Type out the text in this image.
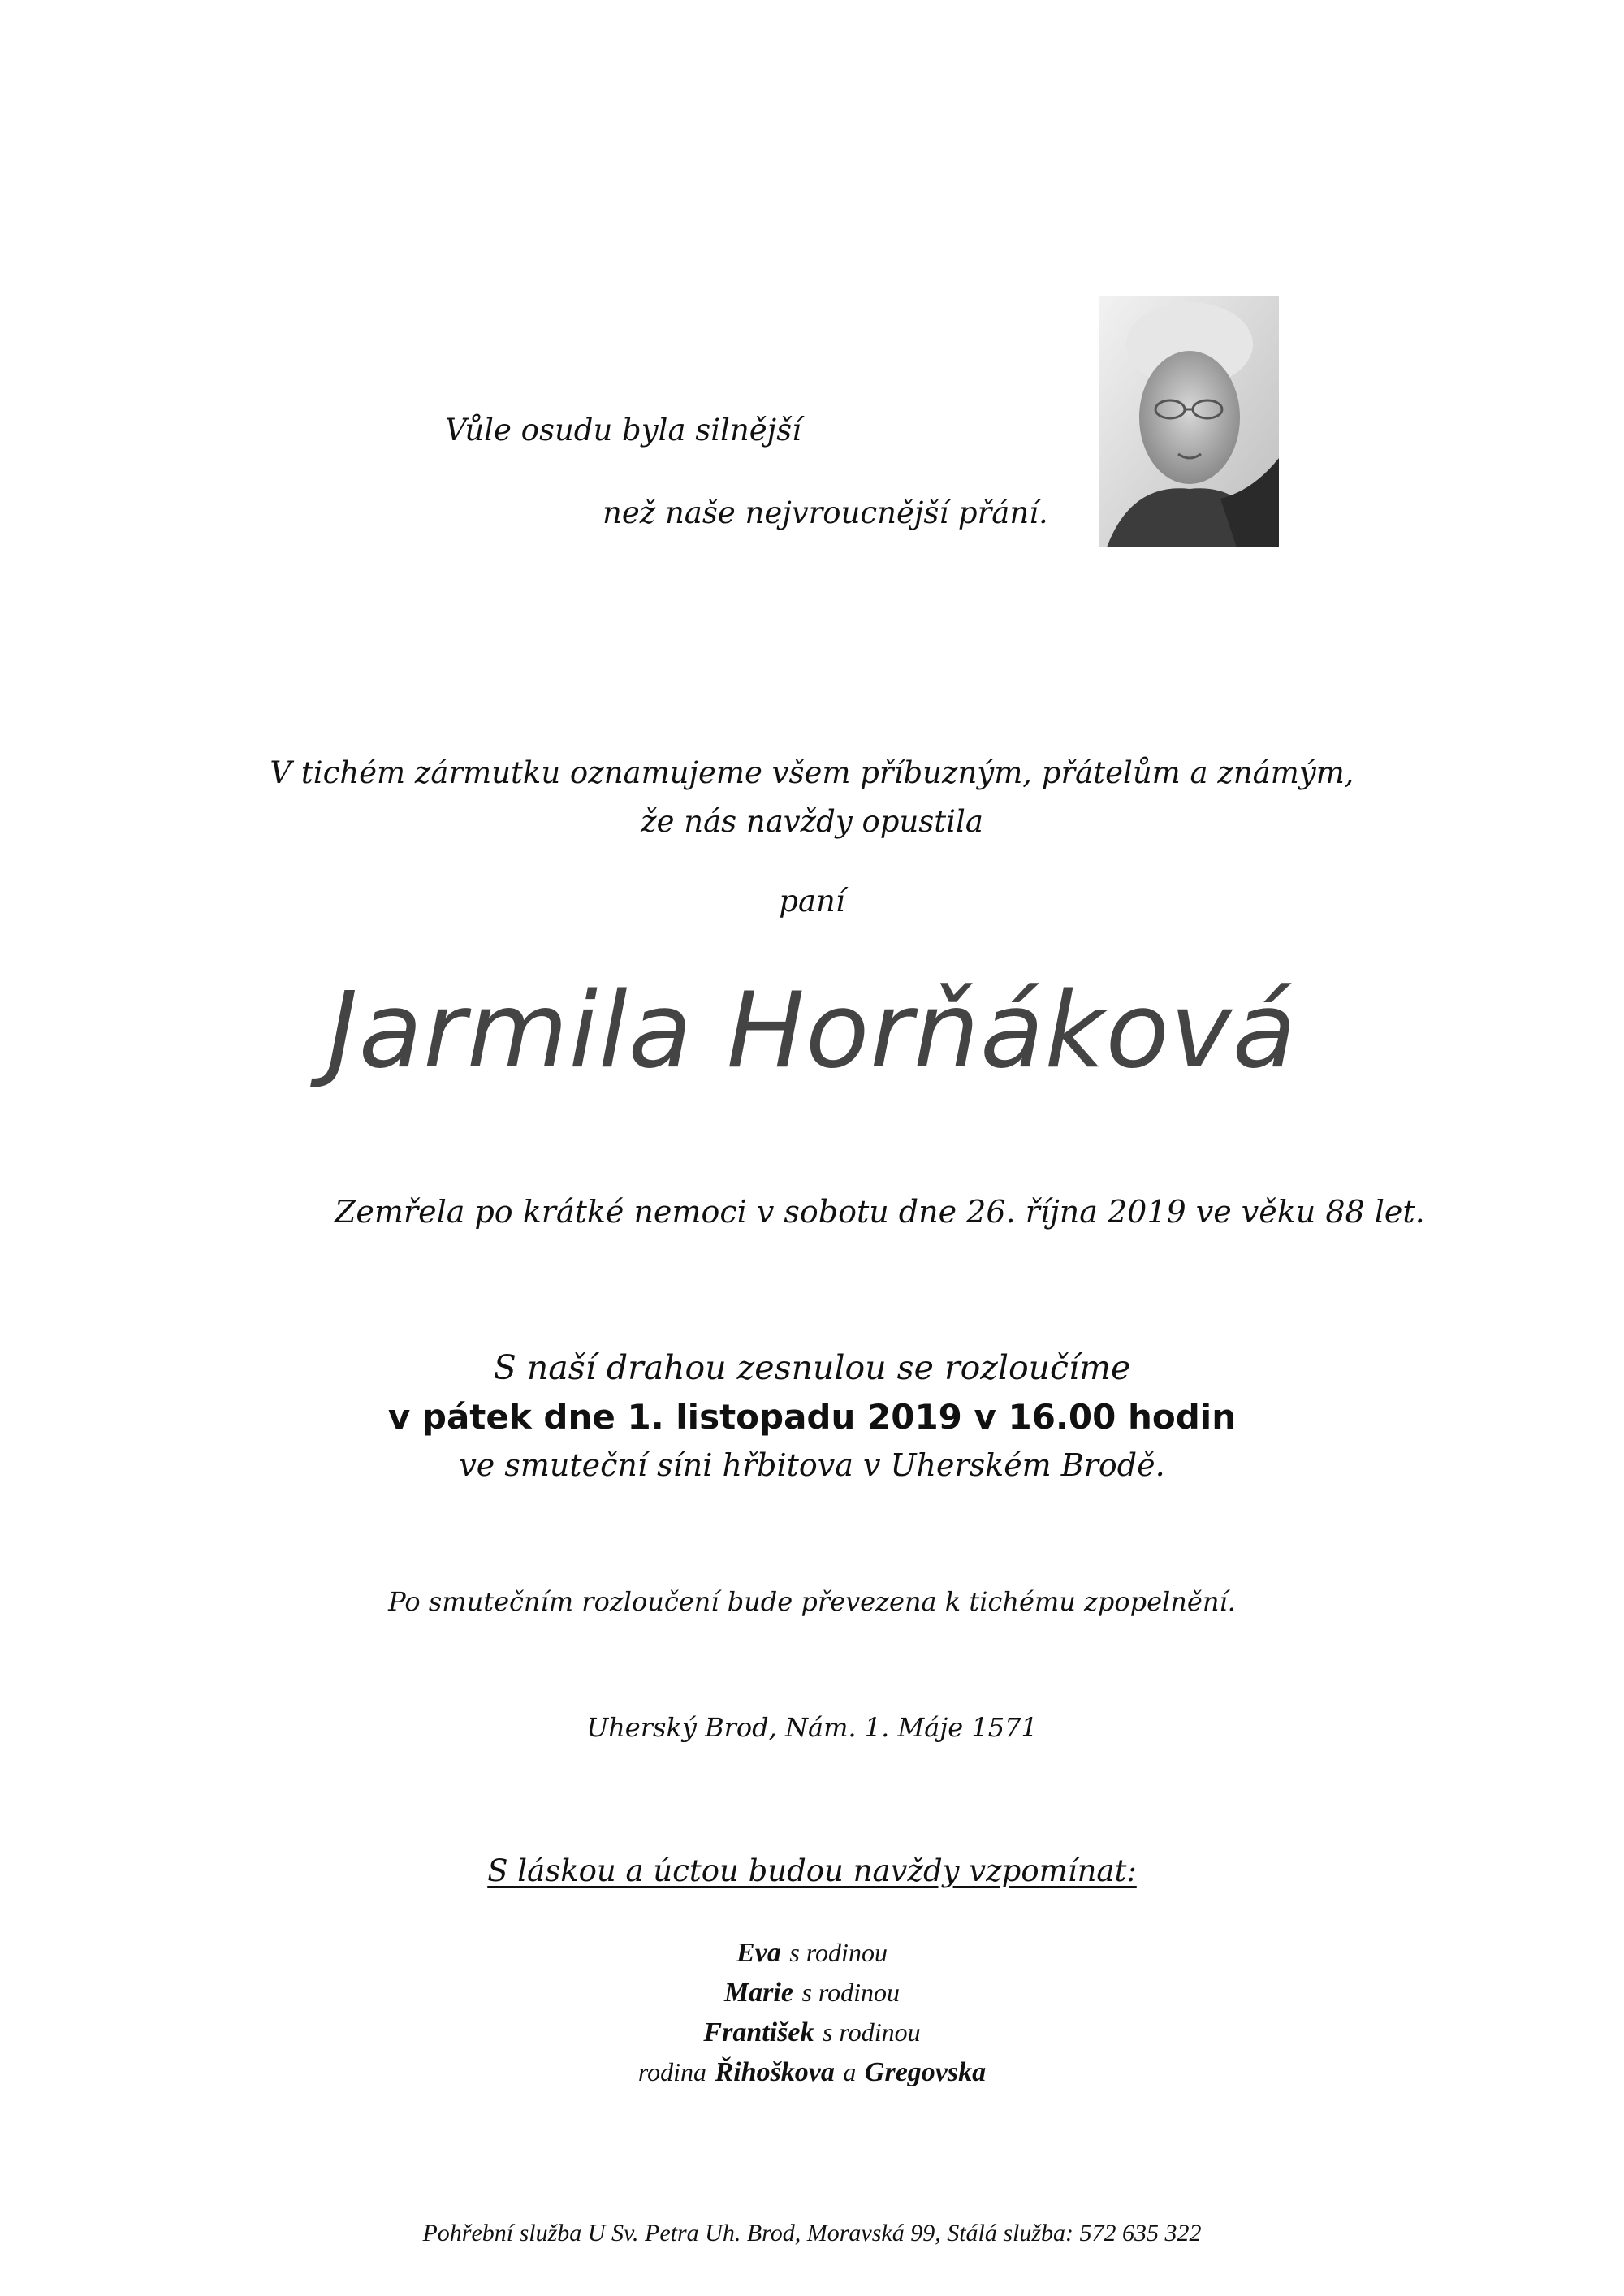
Vůle osudu byla silnější
než naše nejvroucnější přání.
V tichém zármutku oznamujeme všem příbuzným, přátelům a známým,
že nás navždy opustila
paní
Jarmila Horňáková
Zemřela po krátké nemoci v sobotu dne 26. října 2019 ve věku 88 let.
S naší drahou zesnulou se rozloučíme
v pátek dne 1. listopadu 2019 v 16.00 hodin
ve smuteční síni hřbitova v Uherském Brodě.
Po smutečním rozloučení bude převezena k tichému zpopelnění.
Uherský Brod, Nám. 1. Máje 1571
S láskou a úctou budou navždy vzpomínat:
Eva s rodinou
Marie s rodinou
František s rodinou
rodina Řihoškova a Gregovska
Pohřební služba U Sv. Petra Uh. Brod, Moravská 99, Stálá služba: 572 635 322
